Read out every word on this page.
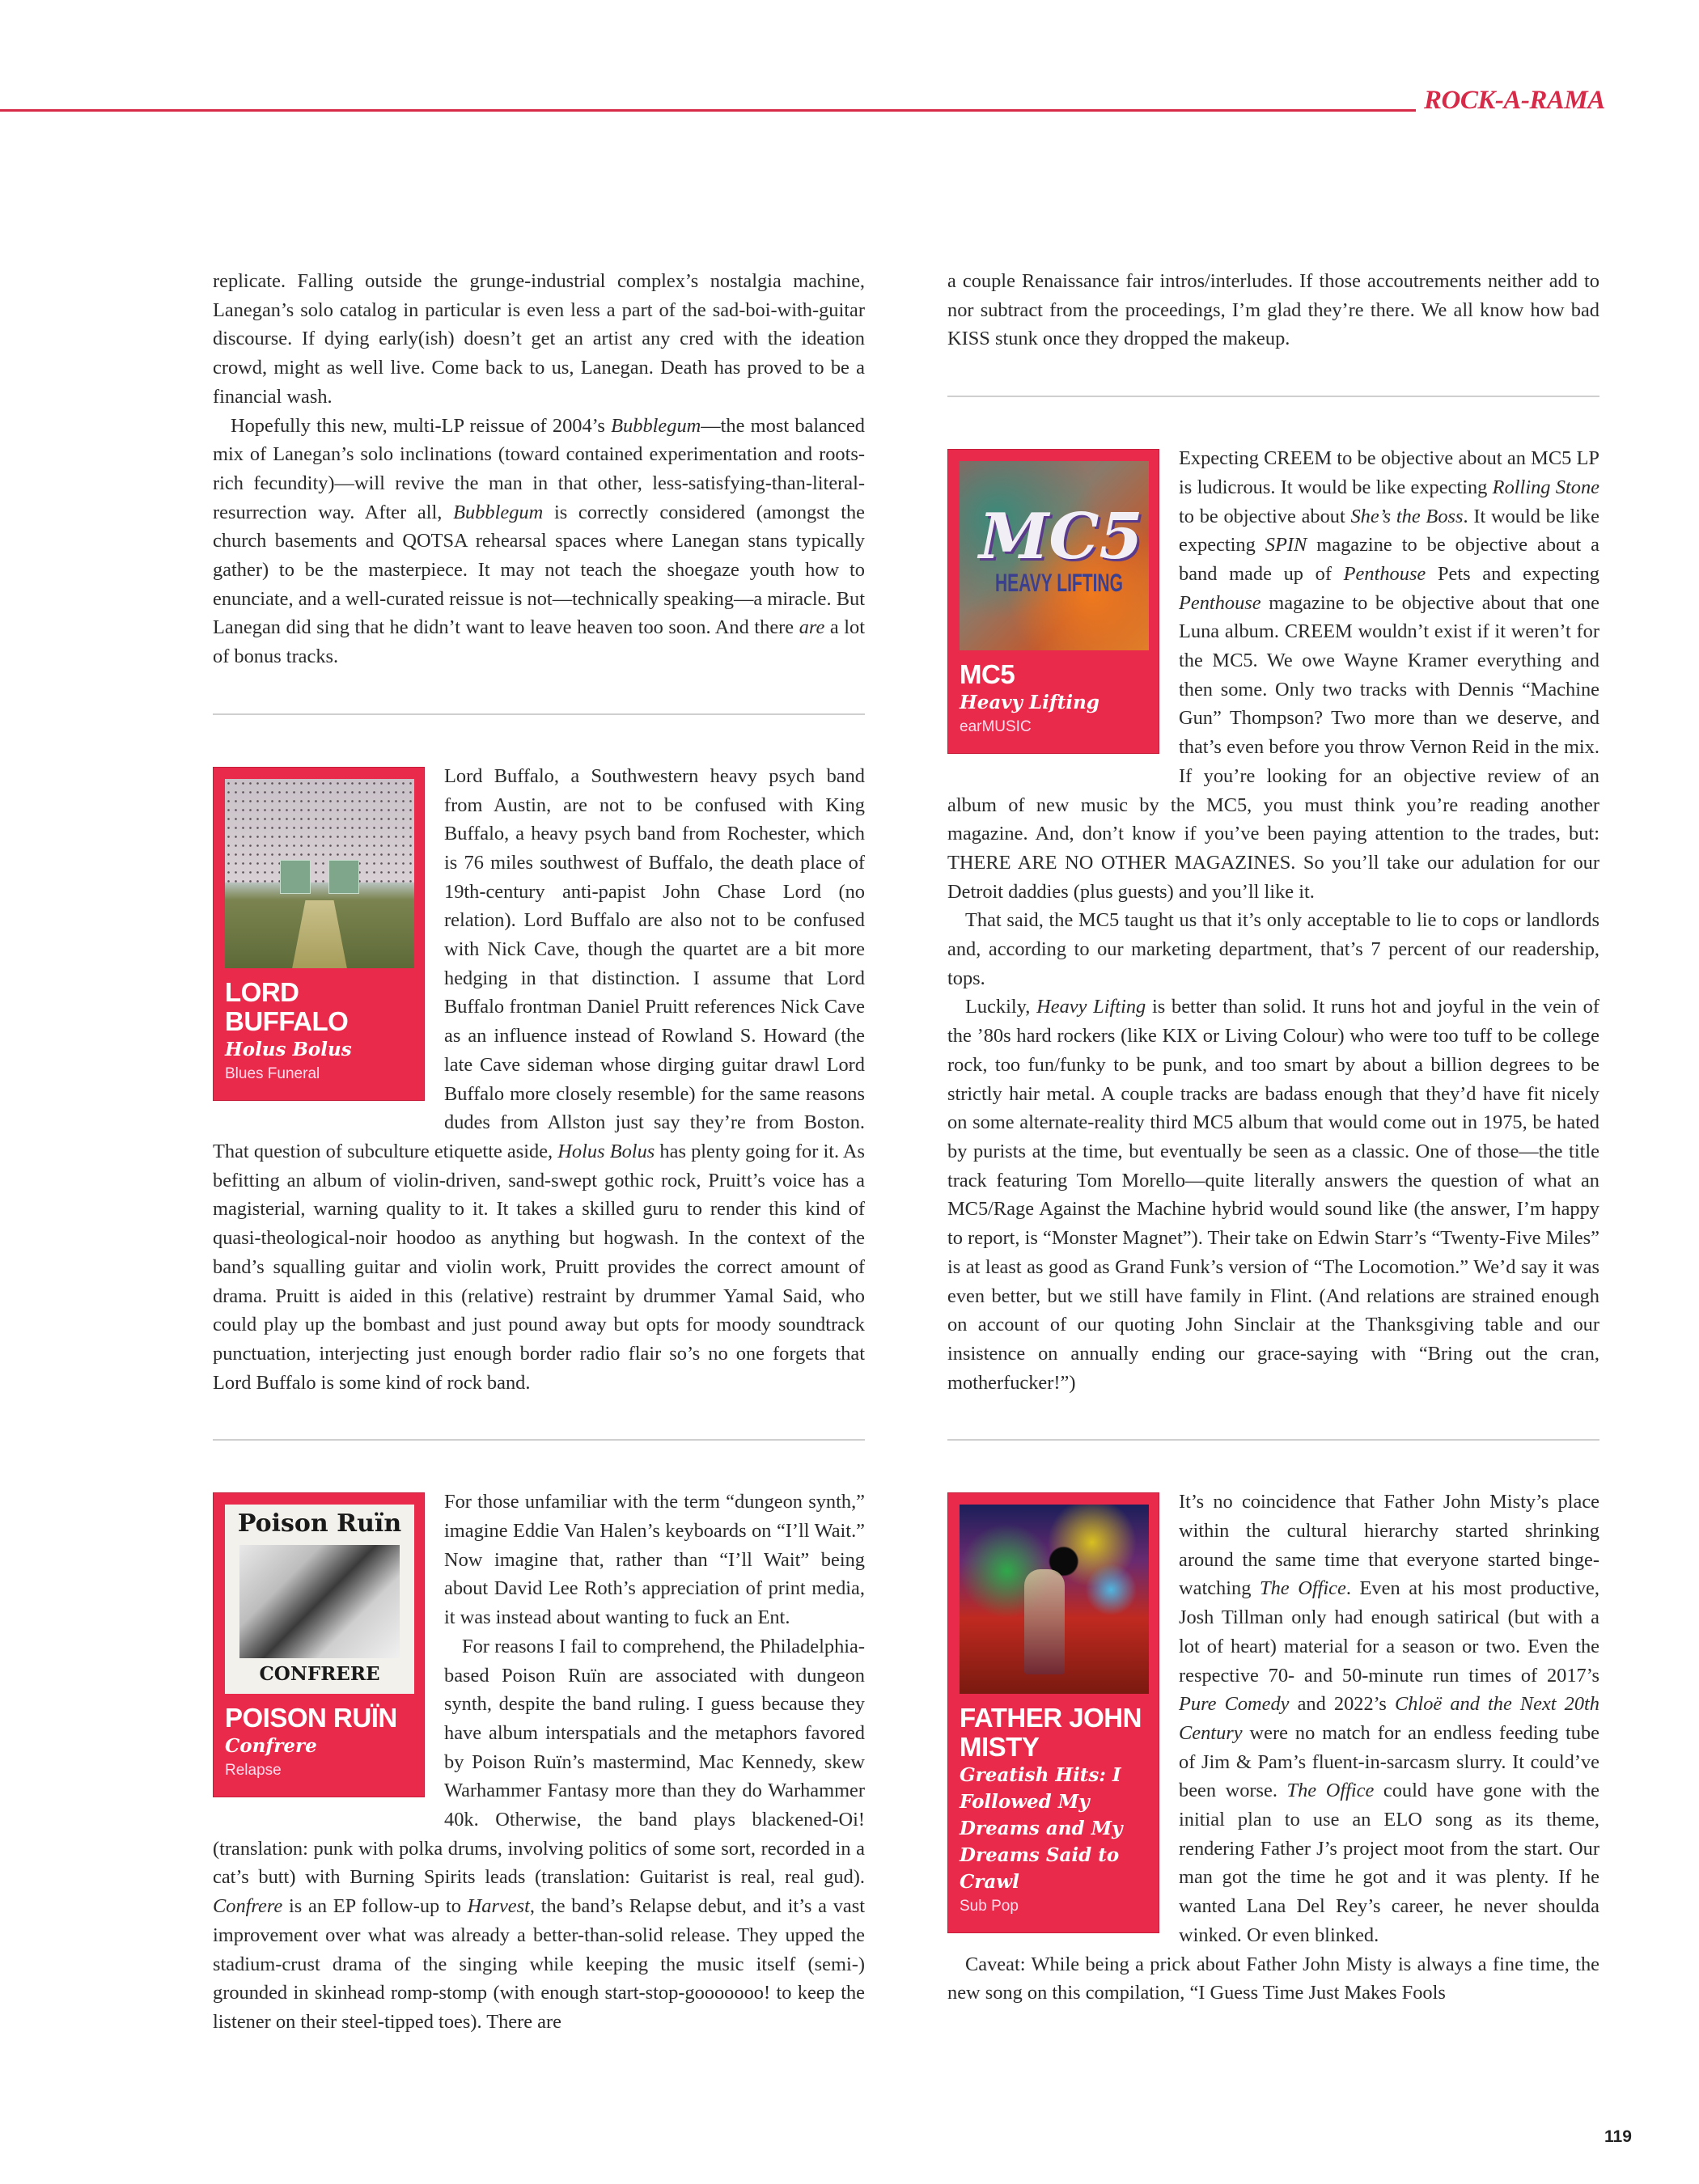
ROCK-A-RAMA

replicate. Falling outside the grunge-industrial complex’s nostalgia machine, Lanegan’s solo catalog in particular is even less a part of the sad-boi-with-guitar discourse. If dying early(ish) doesn’t get an artist any cred with the ideation crowd, might as well live. Come back to us, Lanegan. Death has proved to be a financial wash.

Hopefully this new, multi-LP reissue of 2004’s Bubblegum—the most balanced mix of Lanegan’s solo inclinations (toward contained experimentation and roots-rich fecundity)—will revive the man in that other, less-satisfying-than-literal-resurrection way. After all, Bubblegum is correctly considered (amongst the church basements and QOTSA rehearsal spaces where Lanegan stans typically gather) to be the masterpiece. It may not teach the shoegaze youth how to enunciate, and a well-curated reissue is not—technically speaking—a miracle. But Lanegan did sing that he didn’t want to leave heaven too soon. And there are a lot of bonus tracks.

LORD BUFFALO
Holus Bolus
Blues Funeral

Lord Buffalo, a Southwestern heavy psych band from Austin, are not to be confused with King Buffalo, a heavy psych band from Rochester, which is 76 miles southwest of Buffalo, the death place of 19th-century anti-papist John Chase Lord (no relation). Lord Buffalo are also not to be confused with Nick Cave, though the quartet are a bit more hedging in that distinction. I assume that Lord Buffalo frontman Daniel Pruitt references Nick Cave as an influence instead of Rowland S. Howard (the late Cave sideman whose dirging guitar drawl Lord Buffalo more closely resemble) for the same reasons dudes from Allston just say they’re from Boston. That question of subculture etiquette aside, Holus Bolus has plenty going for it. As befitting an album of violin-driven, sand-swept gothic rock, Pruitt’s voice has a magisterial, warning quality to it. It takes a skilled guru to render this kind of quasi-theological-noir hoodoo as anything but hogwash. In the context of the band’s squalling guitar and violin work, Pruitt provides the correct amount of drama. Pruitt is aided in this (relative) restraint by drummer Yamal Said, who could play up the bombast and just pound away but opts for moody soundtrack punctuation, interjecting just enough border radio flair so’s no one forgets that Lord Buffalo is some kind of rock band.

Poison Ruïn
CONFRERE
POISON RUÏN
Confrere
Relapse

For those unfamiliar with the term “dungeon synth,” imagine Eddie Van Halen’s keyboards on “I’ll Wait.” Now imagine that, rather than “I’ll Wait” being about David Lee Roth’s appreciation of print media, it was instead about wanting to fuck an Ent.

For reasons I fail to comprehend, the Philadelphia-based Poison Ruïn are associated with dungeon synth, despite the band ruling. I guess because they have album interspatials and the metaphors favored by Poison Ruïn’s mastermind, Mac Kennedy, skew Warhammer Fantasy more than they do Warhammer 40k. Otherwise, the band plays blackened-Oi! (translation: punk with polka drums, involving politics of some sort, recorded in a cat’s butt) with Burning Spirits leads (translation: Guitarist is real, real gud). Confrere is an EP follow-up to Harvest, the band’s Relapse debut, and it’s a vast improvement over what was already a better-than-solid release. They upped the stadium-crust drama of the singing while keeping the music itself (semi-) grounded in skinhead romp-stomp (with enough start-stop-gooooooo! to keep the listener on their steel-tipped toes). There are

a couple Renaissance fair intros/interludes. If those accoutrements neither add to nor subtract from the proceedings, I’m glad they’re there. We all know how bad KISS stunk once they dropped the makeup.

MC5
HEAVY LIFTING
MC5
Heavy Lifting
earMUSIC

Expecting CREEM to be objective about an MC5 LP is ludicrous. It would be like expecting Rolling Stone to be objective about She’s the Boss. It would be like expecting SPIN magazine to be objective about a band made up of Penthouse Pets and expecting Penthouse magazine to be objective about that one Luna album. CREEM wouldn’t exist if it weren’t for the MC5. We owe Wayne Kramer everything and then some. Only two tracks with Dennis “Machine Gun” Thompson? Two more than we deserve, and that’s even before you throw Vernon Reid in the mix. If you’re looking for an objective review of an album of new music by the MC5, you must think you’re reading another magazine. And, don’t know if you’ve been paying attention to the trades, but: THERE ARE NO OTHER MAGAZINES. So you’ll take our adulation for our Detroit daddies (plus guests) and you’ll like it.

That said, the MC5 taught us that it’s only acceptable to lie to cops or landlords and, according to our marketing department, that’s 7 percent of our readership, tops.

Luckily, Heavy Lifting is better than solid. It runs hot and joyful in the vein of the ’80s hard rockers (like KIX or Living Colour) who were too tuff to be college rock, too fun/funky to be punk, and too smart by about a billion degrees to be strictly hair metal. A couple tracks are badass enough that they’d have fit nicely on some alternate-reality third MC5 album that would come out in 1975, be hated by purists at the time, but eventually be seen as a classic. One of those—the title track featuring Tom Morello—quite literally answers the question of what an MC5/Rage Against the Machine hybrid would sound like (the answer, I’m happy to report, is “Monster Magnet”). Their take on Edwin Starr’s “Twenty-Five Miles” is at least as good as Grand Funk’s version of “The Locomotion.” We’d say it was even better, but we still have family in Flint. (And relations are strained enough on account of our quoting John Sinclair at the Thanksgiving table and our insistence on annually ending our grace-saying with “Bring out the cran, motherfucker!”)

FATHER JOHN MISTY
Greatish Hits: I Followed My Dreams and My Dreams Said to Crawl
Sub Pop

It’s no coincidence that Father John Misty’s place within the cultural hierarchy started shrinking around the same time that everyone started binge-watching The Office. Even at his most productive, Josh Tillman only had enough satirical (but with a lot of heart) material for a season or two. Even the respective 70- and 50-minute run times of 2017’s Pure Comedy and 2022’s Chloë and the Next 20th Century were no match for an endless feeding tube of Jim & Pam’s fluent-in-sarcasm slurry. It could’ve been worse. The Office could have gone with the initial plan to use an ELO song as its theme, rendering Father J’s project moot from the start. Our man got the time he got and it was plenty. If he wanted Lana Del Rey’s career, he never shoulda winked. Or even blinked.

Caveat: While being a prick about Father John Misty is always a fine time, the new song on this compilation, “I Guess Time Just Makes Fools

119
